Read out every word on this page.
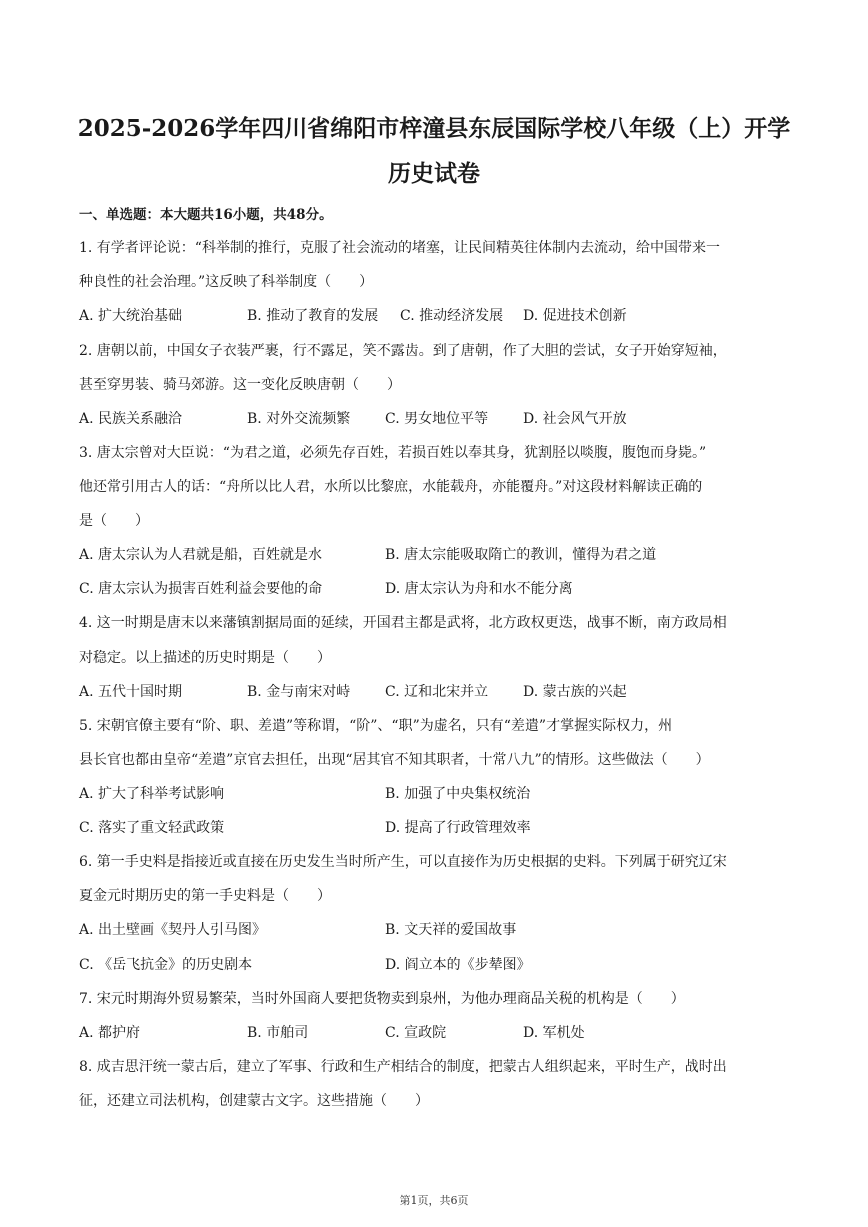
2025-2026学年四川省绵阳市梓潼县东辰国际学校八年级（上）开学
历史试卷

一、单选题：本大题共16小题，共48分。

1. 有学者评论说：“科举制的推行，克服了社会流动的堵塞，让民间精英往体制内去流动，给中国带来一

种良性的社会治理。”这反映了科举制度（　　）

A. 扩大统治基础	B. 推动了教育的发展 C. 推动经济发展 D. 促进技术创新

2. 唐朝以前，中国女子衣装严裹，行不露足，笑不露齿。到了唐朝，作了大胆的尝试，女子开始穿短袖，

甚至穿男装、骑马郊游。这一变化反映唐朝（　　）

A. 民族关系融洽	B. 对外交流频繁 C. 男女地位平等 D. 社会风气开放

3. 唐太宗曾对大臣说：“为君之道，必须先存百姓，若损百姓以奉其身，犹割胫以啖腹，腹饱而身毙。”

他还常引用古人的话：“舟所以比人君，水所以比黎庶，水能载舟，亦能覆舟。”对这段材料解读正确的

是（　　）

A. 唐太宗认为人君就是船，百姓就是水	B. 唐太宗能吸取隋亡的教训，懂得为君之道
C. 唐太宗认为损害百姓利益会要他的命	D. 唐太宗认为舟和水不能分离

4. 这一时期是唐末以来藩镇割据局面的延续，开国君主都是武将，北方政权更迭，战事不断，南方政局相

对稳定。以上描述的历史时期是（　　）

A. 五代十国时期	B. 金与南宋对峙 C. 辽和北宋并立 D. 蒙古族的兴起

5. 宋朝官僚主要有“阶、职、差遣”等称谓，“阶”、“职”为虚名，只有“差遣”才掌握实际权力，州

县长官也都由皇帝“差遣”京官去担任，出现“居其官不知其职者，十常八九”的情形。这些做法（　　）

A. 扩大了科举考试影响	B. 加强了中央集权统治
C. 落实了重文轻武政策	D. 提高了行政管理效率

6. 第一手史料是指接近或直接在历史发生当时所产生，可以直接作为历史根据的史料。下列属于研究辽宋

夏金元时期历史的第一手史料是（　　）

A. 出土壁画《契丹人引马图》	B. 文天祥的爱国故事
C. 《岳飞抗金》的历史剧本	D. 阎立本的《步辇图》

7. 宋元时期海外贸易繁荣，当时外国商人要把货物卖到泉州，为他办理商品关税的机构是（　　）

A. 都护府	B. 市舶司	C. 宣政院	D. 军机处

8. 成吉思汗统一蒙古后，建立了军事、行政和生产相结合的制度，把蒙古人组织起来，平时生产，战时出

征，还建立司法机构，创建蒙古文字。这些措施（　　）

第1页，共6页
